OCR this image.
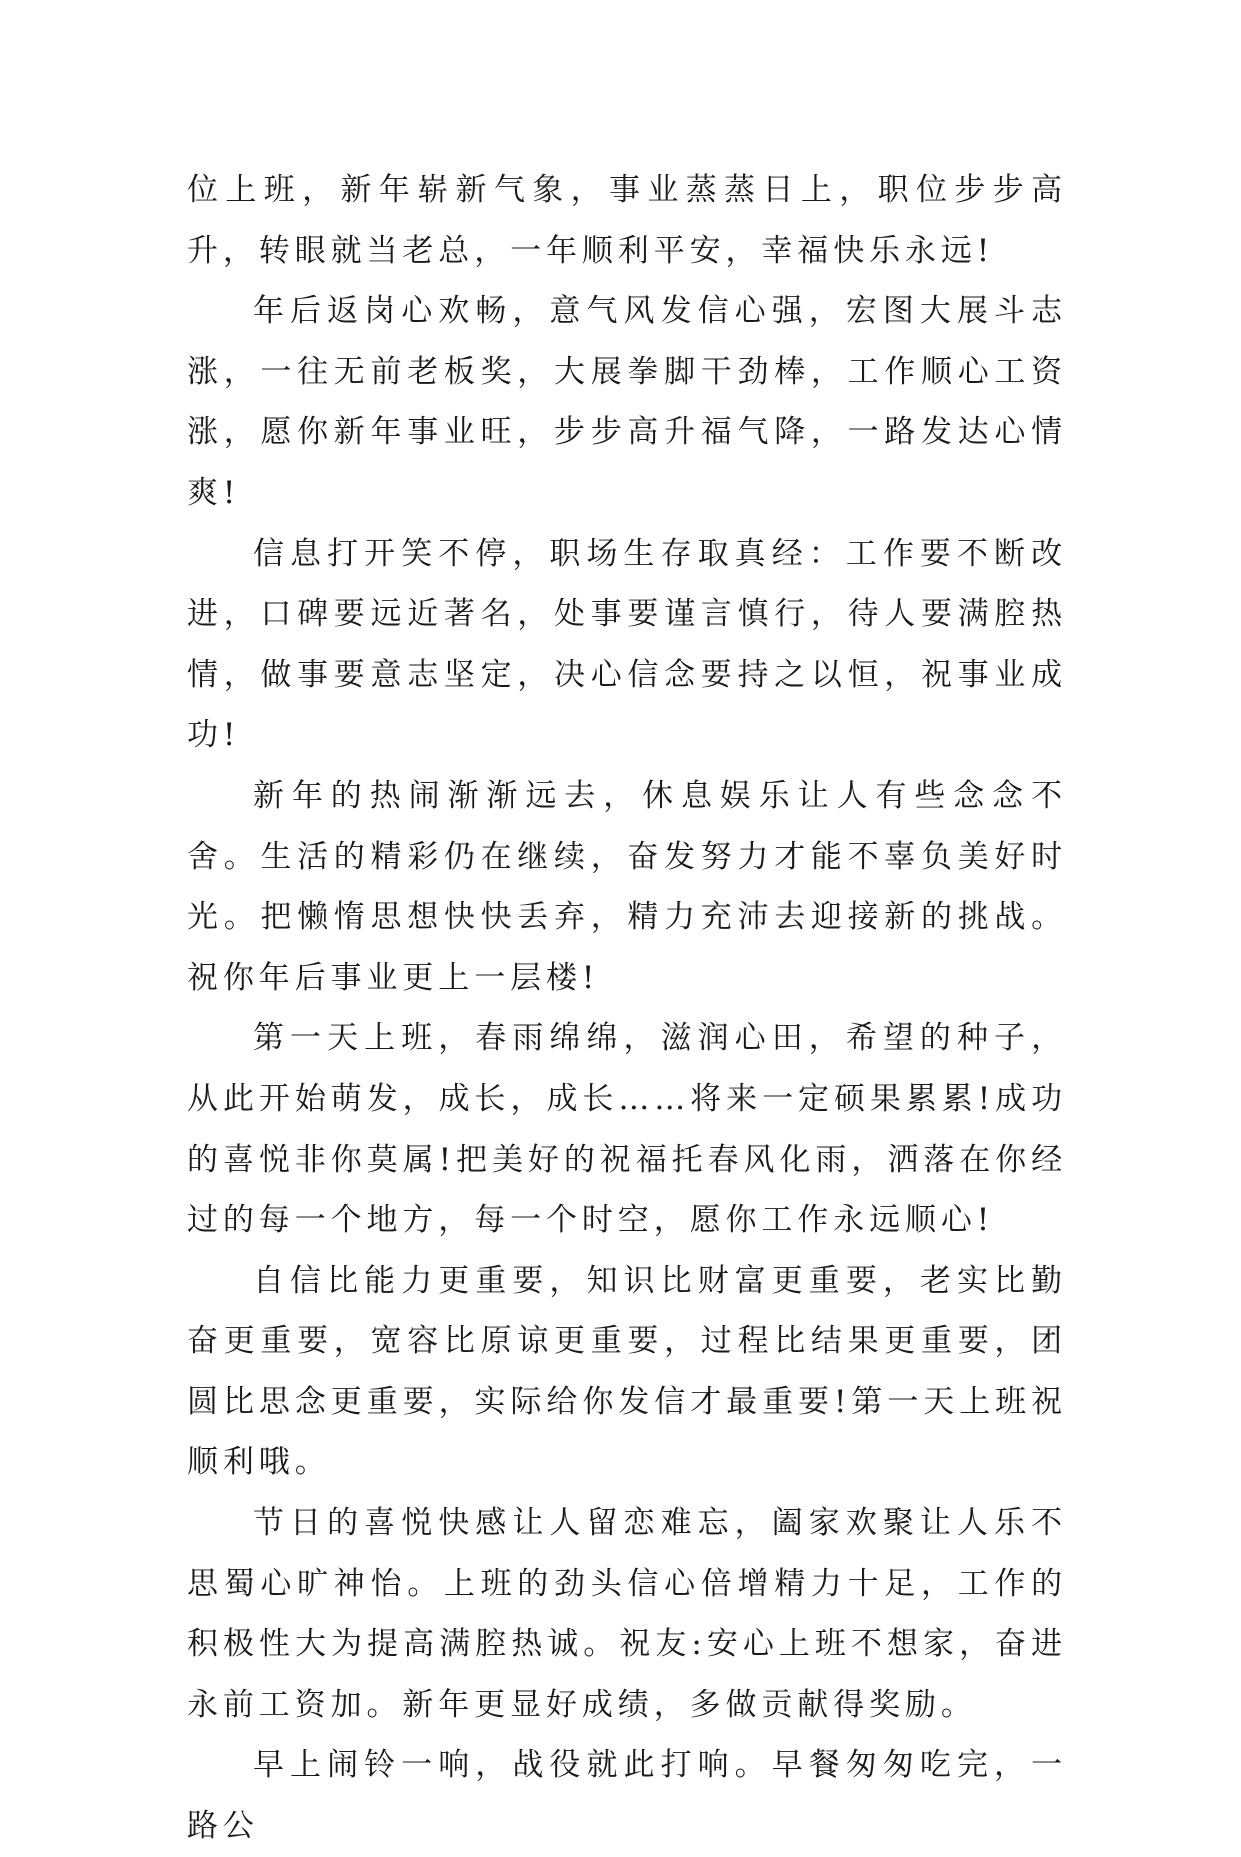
位上班，新年崭新气象，事业蒸蒸日上，职位步步高升，转眼就当老总，一年顺利平安，幸福快乐永远!

年后返岗心欢畅，意气风发信心强，宏图大展斗志涨，一往无前老板奖，大展拳脚干劲棒，工作顺心工资涨，愿你新年事业旺，步步高升福气降，一路发达心情爽!

信息打开笑不停，职场生存取真经：工作要不断改进，口碑要远近著名，处事要谨言慎行，待人要满腔热情，做事要意志坚定，决心信念要持之以恒，祝事业成功!

新年的热闹渐渐远去，休息娱乐让人有些念念不舍。生活的精彩仍在继续，奋发努力才能不辜负美好时光。把懒惰思想快快丢弃，精力充沛去迎接新的挑战。祝你年后事业更上一层楼!

第一天上班，春雨绵绵，滋润心田，希望的种子，从此开始萌发，成长，成长……将来一定硕果累累!成功的喜悦非你莫属!把美好的祝福托春风化雨，洒落在你经过的每一个地方，每一个时空，愿你工作永远顺心!

自信比能力更重要，知识比财富更重要，老实比勤奋更重要，宽容比原谅更重要，过程比结果更重要，团圆比思念更重要，实际给你发信才最重要!第一天上班祝顺利哦。

节日的喜悦快感让人留恋难忘，阖家欢聚让人乐不思蜀心旷神怡。上班的劲头信心倍增精力十足，工作的积极性大为提高满腔热诚。祝友:安心上班不想家，奋进永前工资加。新年更显好成绩，多做贡献得奖励。

早上闹铃一响，战役就此打响。早餐匆匆吃完，一路公
